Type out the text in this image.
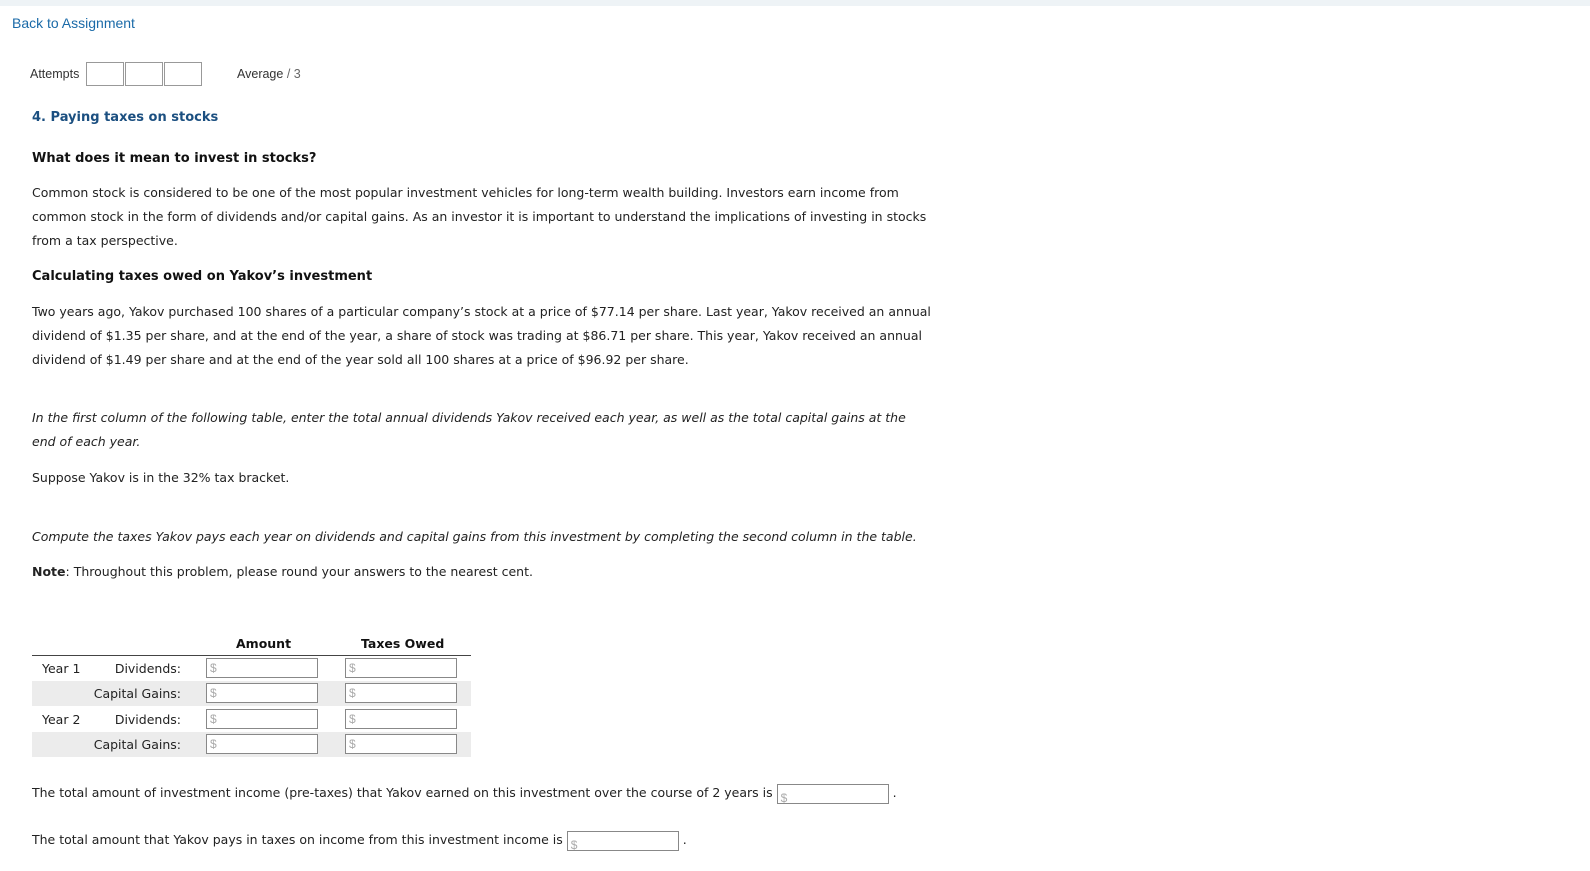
Back to Assignment
Attempts	Average / 3
4. Paying taxes on stocks
What does it mean to invest in stocks?

Common stock is considered to be one of the most popular investment vehicles for long-term wealth building. Investors earn income from common stock in the form of dividends and/or capital gains. As an investor it is important to understand the implications of investing in stocks from a tax perspective.

Calculating taxes owed on Yakov’s investment

Two years ago, Yakov purchased 100 shares of a particular company’s stock at a price of $77.14 per share. Last year, Yakov received an annual dividend of $1.35 per share, and at the end of the year, a share of stock was trading at $86.71 per share. This year, Yakov received an annual dividend of $1.49 per share and at the end of the year sold all 100 shares at a price of $96.92 per share.

In the first column of the following table, enter the total annual dividends Yakov received each year, as well as the total capital gains at the end of each year.

Suppose Yakov is in the 32% tax bracket.

Compute the taxes Yakov pays each year on dividends and capital gains from this investment by completing the second column in the table.

Note: Throughout this problem, please round your answers to the nearest cent.

Amount	Taxes Owed
Year 1	Dividends: $	$
Capital Gains: $	$
Year 2	Dividends: $	$
Capital Gains: $	$

The total amount of investment income (pre-taxes) that Yakov earned on this investment over the course of 2 years is $	.

The total amount that Yakov pays in taxes on income from this investment income is $	.
